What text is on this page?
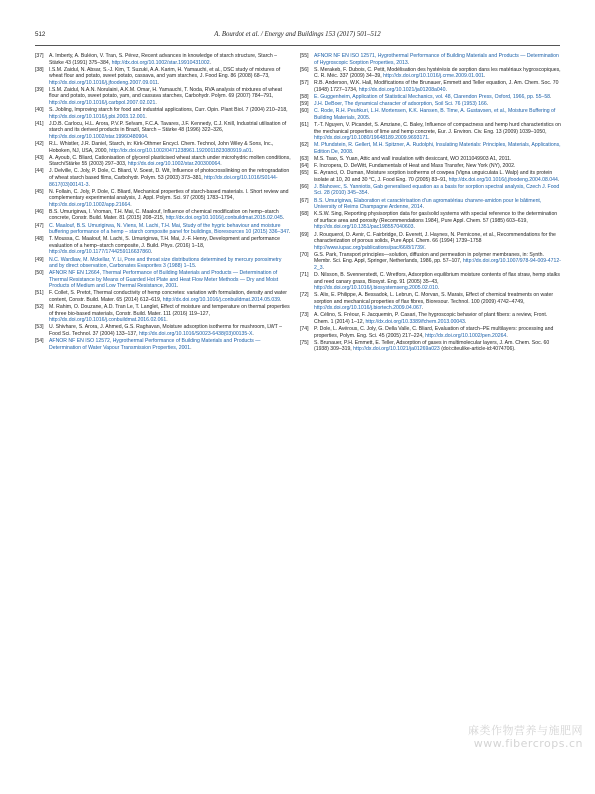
512	A. Bourdot et al. / Energy and Buildings 153 (2017) 501–512
[37] A. Imberty, A. Buléon, V. Tran, S. Pérez, Recent advances in knowledge of starch structure, Starch – Stärke 43 (1991) 375–384, http://dx.doi.org/10.1002/star.19910431002.
[38] I.S.M. Zaidul, N. Absar, S.-J. Kim, T. Suzuki, A.A. Karim, H. Yamauchi, et al., DSC study of mixtures of wheat flour and potato, sweet potato, cassava, and yam starches, J. Food Eng. 86 (2008) 68–73, http://dx.doi.org/10.1016/j.jfoodeng.2007.09.011.
[39] I.S.M. Zaidul, N.A.N. Norulaini, A.K.M. Omar, H. Yamauchi, T. Noda, RVA analysis of mixtures of wheat flour and potato, sweet potato, yam, and cassava starches, Carbohydr. Polym. 69 (2007) 784–791, http://dx.doi.org/10.1016/j.carbpol.2007.02.021.
[40] S. Jobling, Improving starch for food and industrial applications, Curr. Opin. Plant Biol. 7 (2004) 210–218, http://dx.doi.org/10.1016/j.pbi.2003.12.001.
[41] J.D.B. Carlocu, H.L. Arora, P.V.P. Selvam, F.C.A. Tavares, J.F. Kennedy, C.J. Knill, Industrial utilisation of starch and its derived products in Brazil, Starch – Stärke 48 (1996) 322–326, http://dx.doi.org/10.1002/star.19960480904.
[42] R.L. Whistler, J.R. Daniel, Starch, in: Kirk-Othmer Encycl. Chem. Technol, John Wiley & Sons, Inc., Hoboken, NJ, USA, 2000, http://dx.doi.org/10.1002/0471238961.1920011823080919.a01.
[43] A. Ayoub, C. Bliard, Cationisation of glycerol plasticised wheat starch under microhydric molten conditions, Starch/Stärke 55 (2003) 297–303, http://dx.doi.org/10.1002/star.200300064.
[44] J. Delville, C. Joly, P. Dole, C. Bliard, V. Soest, D. Wit, Influence of photocrosslinking on the retrogradation of wheat starch based films, Carbohydr. Polym. 53 (2003) 373–381, http://dx.doi.org/10.1016/S0144-8617(03)00141-3.
[45] N. Follain, C. Joly, P. Dole, C. Bliard, Mechanical properties of starch-based materials. I. Short review and complementary experimental analysis, J. Appl. Polym. Sci. 97 (2005) 1783–1794, http://dx.doi.org/10.1002/app.21664.
[46] B.S. Umurigirwa, I. Vroman, T.H. Mai, C. Maalouf, Influence of chemical modification on hemp–starch concrete, Constr. Build. Mater. 81 (2015) 208–215, http://dx.doi.org/10.1016/j.conbuildmat.2015.02.045.
[47] C. Maalouf, B.S. Umurigirwa, N. Viens, M. Lachi, T.H. Mai, Study of the hygric behaviour and moisture buffering performance of a hemp – starch composite panel for buildings, Bioresources 10 (2015) 336–347.
[48] T. Moussa, C. Maalouf, M. Lachi, S. Umurigirwa, T.H. Mai, J.-F. Henry, Development and performance evaluation of a hemp–starch composite, J. Build. Phys. (2016) 1–18, http://dx.doi.org/10.1177/1744259116637860.
[49] N.C. Wardlaw, M. Mckellar, Y. Li, Pore and throat size distributions determined by mercury porosimetry and by direct observation, Carbonates Evaporites 3 (1988) 1–15.
[50] AFNOR NF EN 12664, Thermal Performance of Building Materials and Products — Determination of Thermal Resistance by Means of Guarded Hot Plate and Heat Flow Meter Methods — Dry and Moist Products of Medium and Low Thermal Resistance, 2001.
[51] F. Collet, S. Pretot, Thermal conductivity of hemp concretes: variation with formulation, density and water content, Constr. Build. Mater. 65 (2014) 612–619, http://dx.doi.org/10.1016/j.conbuildmat.2014.05.039.
[52] M. Rahim, O. Douzane, A.D. Tran Le, T. Langlet, Effect of moisture and temperature on thermal properties of three bio-based materials, Constr. Build. Mater. 111 (2016) 119–127, http://dx.doi.org/10.1016/j.conbuildmat.2016.02.061.
[53] U. Shivhare, S. Arora, J. Ahmed, G.S. Raghavan, Moisture adsorption isotherms for mushroom, LWT – Food Sci. Technol. 37 (2004) 133–137, http://dx.doi.org/10.1016/S0023-6438(03)00135-X.
[54] AFNOR NF EN ISO 12572, Hygrothermal Performance of Building Materials and Products — Determination of Water Vapour Transmission Properties, 2001.
[55] AFNOR NF EN ISO 12571, Hygrothermal Performance of Building Materials and Products — Determination of Hygroscopic Sorption Properties, 2013.
[56] S. Merakeb, F. Dubois, C. Petit, Modélisation des hystérésis de sorption dans les matériaux hygroscopiques, C. R. Méc. 337 (2009) 34–39, http://dx.doi.org/10.1016/j.crme.2009.01.001.
[57] R.B. Anderson, W.K. Hall, Modifications of the Brunauer, Emmett and Teller equation, J. Am. Chem. Soc. 70 (1948) 1727–1734, http://dx.doi.org/10.1021/ja01208a040.
[58] E. Guggenheim, Application of Statistical Mechanics, vol. 48, Clarendon Press, Oxford, 1966, pp. 55–58.
[59] J.H. DeBoer, The dynamical character of adsorption, Soil Sci. 76 (1953) 166.
[60] C. Rode, R.H. Peuhkuri, L.H. Mortensen, K.K. Hansen, B. Time, A. Gustavsen, et al., Moisture Buffering of Building Materials, 2005.
[61] T.-T. Nguyen, V. Picandet, S. Amziane, C. Baley, Influence of compactness and hemp hurd characteristics on the mechanical properties of lime and hemp concrete, Eur. J. Environ. Civ. Eng. 13 (2009) 1039–1050, http://dx.doi.org/10.1080/19648189.2009.9693171.
[62] M. Pfundstein, R. Gellert, M.H. Spitzner, A. Rudolphi, Insulating Materials: Principles, Materials, Applications, Edition De, 2008.
[63] M.S. Tsao, S. Yuan, Attic and wall insulation with desiccant, WO 2011049903 A1, 2011.
[64] F. Incropera, D. DeWitt, Fundamentals of Heat and Mass Transfer, New York (NY), 2002.
[65] E. Ayranci, O. Duman, Moisture sorption isotherms of cowpea (Vigna unguiculata L. Walp) and its protein isolate at 10, 20 and 30 °C, J. Food Eng. 70 (2005) 83–91, http://dx.doi.org/10.1016/j.jfoodeng.2004.08.044.
[66] J. Blahovec, S. Yanniotis, Gab generalised equation as a basis for sorption spectral analysis, Czech J. Food Sci. 28 (2010) 345–354.
[67] B.S. Umurigirwa, Elaboration et caractérisation d'un agromatériau chanvre-amidon pour le bâtiment, University of Reims Champagne Ardenne, 2014.
[68] K.S.W. Sing, Reporting physisorption data for gas/solid systems with special reference to the determination of surface area and porosity (Recommendations 1984), Pure Appl. Chem. 57 (1985) 603–619, http://dx.doi.org/10.1351/pac198557040603.
[69] J. Rouquerol, D. Avnir, C. Fairbridge, D. Everett, J. Haynes, N. Pernicone, et al., Recommendations for the characterization of porous solids, Pure Appl. Chem. 66 (1994) 1739–1758 http://www.iupac.org/publications/pac/66/8/1739/.
[70] G.S. Park, Transport principles—solution, diffusion and permeation in polymer membranes, in: Synth. Membr. Sci. Eng. Appl, Springer, Netherlands, 1986, pp. 57–107, http://dx.doi.org/10.1007/978-94-009-4712-2_3.
[71] D. Nilsson, B. Svennerstedt, C. Wretfors, Adsorption equilibrium moisture contents of flax straw, hemp stalks and reed canary grass, Biosyst. Eng. 91 (2005) 35–43, http://dx.doi.org/10.1016/j.biosystemseng.2005.02.010.
[72] S. Alix, E. Philippe, A. Bessadok, L. Lebrun, C. Morvan, S. Marais, Effect of chemical treatments on water sorption and mechanical properties of flax fibres, Bioresour. Technol. 100 (2009) 4742–4749, http://dx.doi.org/10.1016/j.biortech.2009.04.067.
[73] A. Célino, S. Fréour, F. Jacquemin, P. Casari, The hygroscopic behavior of plant fibers: a review, Front. Chem. 1 (2014) 1–12, http://dx.doi.org/10.3389/fchem.2013.00043.
[74] P. Dole, L. Avérous, C. Joly, G. Della Valle, C. Bliard, Evaluation of starch–PE multilayers: processing and properties, Polym. Eng. Sci. 45 (2005) 217–224, http://dx.doi.org/10.1002/pen.20264.
[75] S. Brunauer, P.H. Emmett, E. Teller, Adsorption of gases in multimolecular layers, J. Am. Chem. Soc. 60 (1938) 309–319, http://dx.doi.org/10.1021/ja01269a023 (doi:citeulike-article-id:4074706).
麻类作物营养与施肥网
www.fibercrops.cn
